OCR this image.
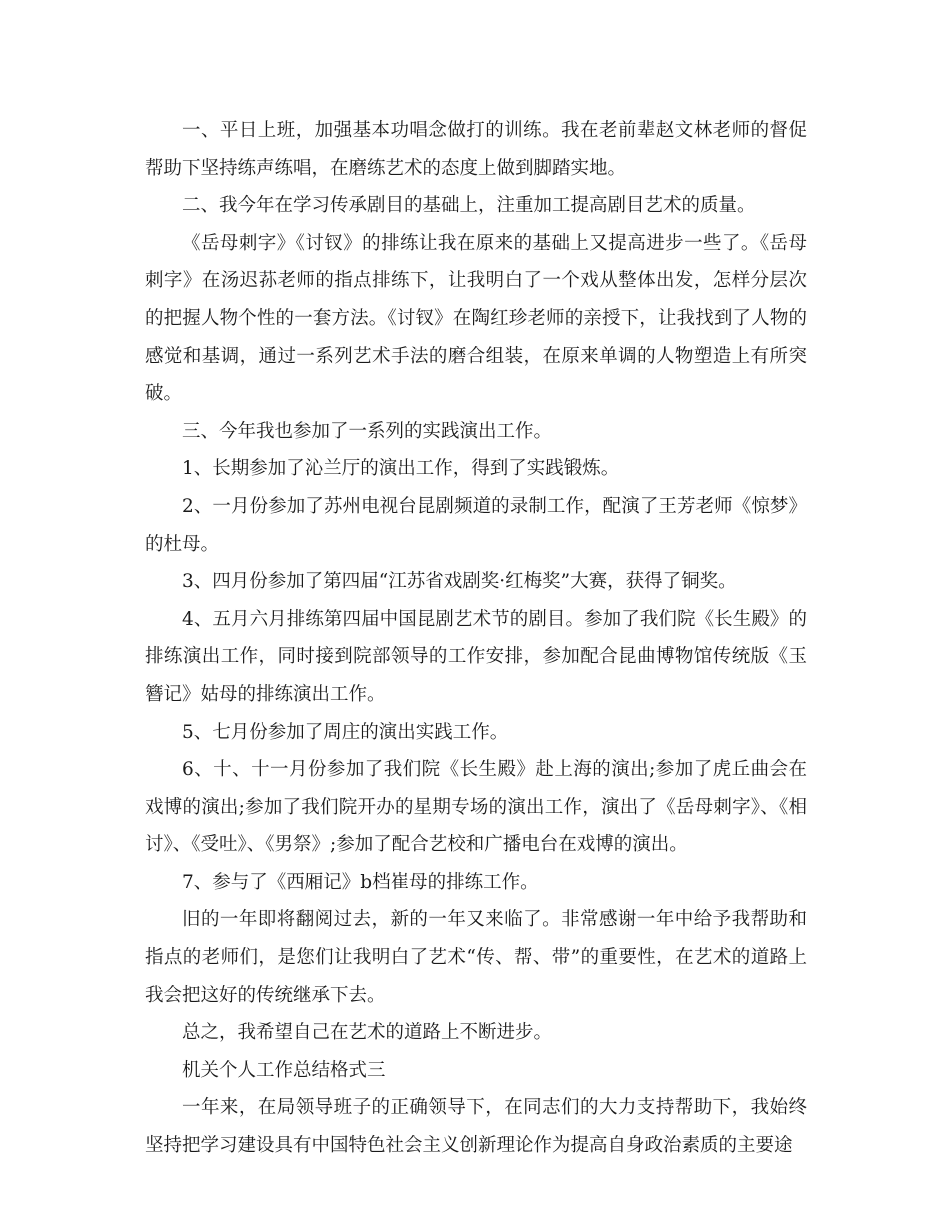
一、平日上班，加强基本功唱念做打的训练。我在老前辈赵文林老师的督促帮助下坚持练声练唱，在磨练艺术的态度上做到脚踏实地。

二、我今年在学习传承剧目的基础上，注重加工提高剧目艺术的质量。

《岳母刺字》《讨钗》的排练让我在原来的基础上又提高进步一些了。《岳母刺字》在汤迟荪老师的指点排练下，让我明白了一个戏从整体出发，怎样分层次的把握人物个性的一套方法。《讨钗》在陶红珍老师的亲授下，让我找到了人物的感觉和基调，通过一系列艺术手法的磨合组装，在原来单调的人物塑造上有所突破。

三、今年我也参加了一系列的实践演出工作。

1、长期参加了沁兰厅的演出工作，得到了实践锻炼。

2、一月份参加了苏州电视台昆剧频道的录制工作，配演了王芳老师《惊梦》的杜母。

3、四月份参加了第四届“江苏省戏剧奖·红梅奖”大赛，获得了铜奖。

4、五月六月排练第四届中国昆剧艺术节的剧目。参加了我们院《长生殿》的排练演出工作，同时接到院部领导的工作安排，参加配合昆曲博物馆传统版《玉簪记》姑母的排练演出工作。

5、七月份参加了周庄的演出实践工作。

6、十、十一月份参加了我们院《长生殿》赴上海的演出;参加了虎丘曲会在戏博的演出;参加了我们院开办的星期专场的演出工作，演出了《岳母刺字》、《相讨》、《受吐》、《男祭》;参加了配合艺校和广播电台在戏博的演出。

7、参与了《西厢记》b档崔母的排练工作。

旧的一年即将翻阅过去，新的一年又来临了。非常感谢一年中给予我帮助和指点的老师们，是您们让我明白了艺术“传、帮、带”的重要性，在艺术的道路上我会把这好的传统继承下去。

总之，我希望自己在艺术的道路上不断进步。

机关个人工作总结格式三

一年来，在局领导班子的正确领导下，在同志们的大力支持帮助下，我始终坚持把学习建设具有中国特色社会主义创新理论作为提高自身政治素质的主要途
